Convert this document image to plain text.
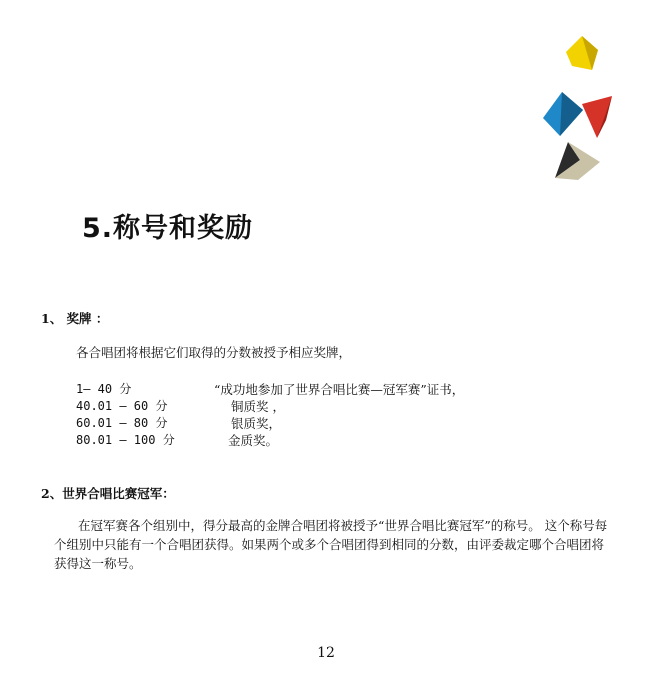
5.称号和奖励
1、 奖牌 ：
各合唱团将根据它们取得的分数被授予相应奖牌，
1— 40 分	“成功地参加了世界合唱比赛—冠军赛”证书，
40.01 — 60 分	铜质奖 ，
60.01 — 80 分	银质奖，
80.01 — 100 分	金质奖。
2、世界合唱比赛冠军：
在冠军赛各个组别中，得分最高的金牌合唱团将被授予“世界合唱比赛冠军”的称号。 这个称号每个组别中只能有一个合唱团获得。如果两个或多个合唱团得到相同的分数，由评委裁定哪个合唱团将获得这一称号。
12
